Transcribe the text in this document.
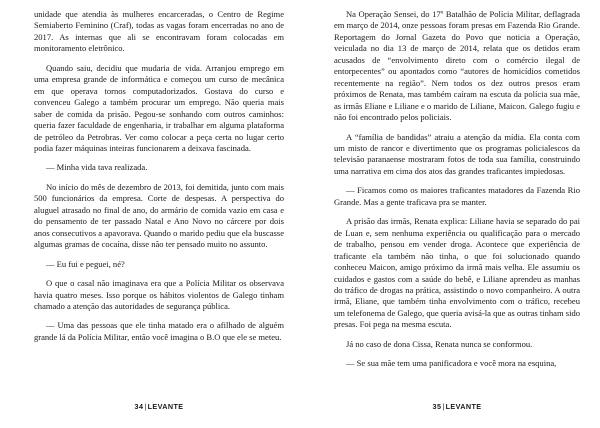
unidade que atendia às mulheres encarceradas, o Centro de Regime Semiaberto Feminino (Craf), todas as vagas foram encerradas no ano de 2017. As internas que ali se encontravam foram colocadas em monitoramento eletrônico.

Quando saiu, decidiu que mudaria de vida. Arranjou emprego em uma empresa grande de informática e começou um curso de mecânica em que operava tornos computadorizados. Gostava do curso e convenceu Galego a também procurar um emprego. Não queria mais saber de comida da prisão. Pegou-se sonhando com outros caminhos: queria fazer faculdade de engenharia, ir trabalhar em alguma plataforma de petróleo da Petrobras. Ver como colocar a peça certa no lugar certo podia fazer máquinas inteiras funcionarem a deixava fascinada.

— Minha vida tava realizada.

No início do mês de dezembro de 2013, foi demitida, junto com mais 500 funcionários da empresa. Corte de despesas. A perspectiva do aluguel atrasado no final de ano, do armário de comida vazio em casa e do pensamento de ter passado Natal e Ano Novo no cárcere por dois anos consecutivos a apavorava. Quando o marido pediu que ela buscasse algumas gramas de cocaína, disse não ter pensado muito no assunto.

— Eu fui e peguei, né?

O que o casal não imaginava era que a Polícia Militar os observava havia quatro meses. Isso porque os hábitos violentos de Galego tinham chamado a atenção das autoridades de segurança pública.

— Uma das pessoas que ele tinha matado era o afilhado de alguém grande lá da Polícia Militar, então você imagina o B.O que ele se meteu.

34|LEVANTE

Na Operação Sensei, do 17º Batalhão de Polícia Militar, deflagrada em março de 2014, onze pessoas foram presas em Fazenda Rio Grande. Reportagem do Jornal Gazeta do Povo que noticia a Operação, veiculada no dia 13 de março de 2014, relata que os detidos eram acusados de “envolvimento direto com o comércio ilegal de entorpecentes” ou apontados como “autores de homicídios cometidos recentemente na região”. Nem todos os dez outros presos eram próximos de Renata, mas também caíram na escuta da polícia sua mãe, as irmãs Eliane e Liliane e o marido de Liliane, Maicon. Galego fugiu e não foi encontrado pelos policiais.

A “família de bandidas” atraiu a atenção da mídia. Ela conta com um misto de rancor e divertimento que os programas policialescos da televisão paranaense mostraram fotos de toda sua família, construindo uma narrativa em cima dos atos das grandes traficantes impiedosas.

— Ficamos como os maiores traficantes matadores da Fazenda Rio Grande. Mas a gente traficava pra se manter.

A prisão das irmãs, Renata explica: Liliane havia se separado do pai de Luan e, sem nenhuma experiência ou qualificação para o mercado de trabalho, pensou em vender droga. Acontece que experiência de traficante ela também não tinha, o que foi solucionado quando conheceu Maicon, amigo próximo da irmã mais velha. Ele assumiu os cuidados e gastos com a saúde do bebê, e Liliane aprendeu as manhas do tráfico de drogas na prática, assistindo o novo companheiro. A outra irmã, Eliane, que também tinha envolvimento com o tráfico, recebeu um telefonema de Galego, que queria avisá-la que as outras tinham sido presas. Foi pega na mesma escuta.

Já no caso de dona Cissa, Renata nunca se conformou.

— Se sua mãe tem uma panificadora e você mora na esquina,

35|LEVANTE
